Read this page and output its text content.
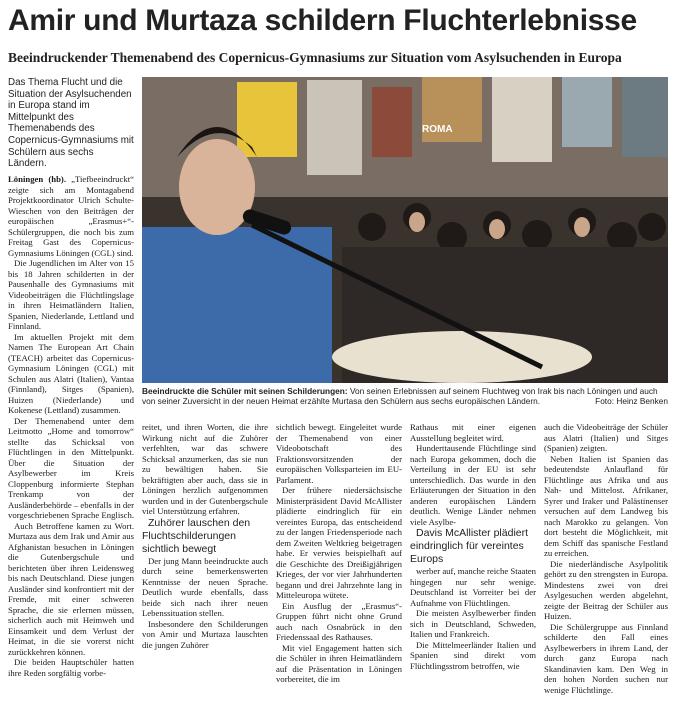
Amir und Murtaza schildern Fluchterlebnisse
Beeindruckender Themenabend des Copernicus-Gymnasiums zur Situation vom Asylsuchenden in Europa

Das Thema Flucht und die Situation der Asylsuchenden in Europa stand im Mittelpunkt des Themenabends des Copernicus-Gymnasiums mit Schülern aus sechs Ländern.

ROMA

Beeindruckte die Schüler mit seinen Schilderungen: Von seinen Erlebnissen auf seinem Fluchtweg von Irak bis nach Löningen und auch von seiner Zuversicht in der neuen Heimat erzählte Murtasa den Schülern aus sechs europäischen Ländern.	Foto: Heinz Benken

Löningen (hb). „Tiefbeeindruckt“ zeigte sich am Montagabend Projektkoordinator Ulrich Schulte-Wieschen von den Beiträgen der europäischen „Erasmus+“-Schülergruppen, die noch bis zum Freitag Gast des Copernicus-Gymnasiums Löningen (CGL) sind.

Die Jugendlichen im Alter von 15 bis 18 Jahren schilderten in der Pausenhalle des Gymnasiums mit Videobeiträgen die Flüchtlingslage in ihren Heimatländern Italien, Spanien, Niederlande, Lettland und Finnland.

Im aktuellen Projekt mit dem Namen The European Art Chain (TEACH) arbeitet das Copernicus-Gymnasium Löningen (CGL) mit Schulen aus Alatri (Italien), Vantaa (Finnland), Sitges (Spanien), Huizen (Niederlande) und Kokenese (Lettland) zusammen.

Der Themenabend unter dem Leitmotto „Home and tomorrow“ stellte das Schicksal von Flüchtlingen in den Mittelpunkt. Über die Situation der Asylbewerber im Kreis Cloppenburg informierte Stephan Trenkamp von der Ausländerbehörde – ebenfalls in der vorgeschriebenen Sprache Englisch.

Auch Betroffene kamen zu Wort. Murtaza aus dem Irak und Amir aus Afghanistan besuchen in Löningen die Gutenbergschule und berichteten über ihren Leidensweg bis nach Deutschland. Diese jungen Ausländer sind konfrontiert mit der Fremde, mit einer schweren Sprache, die sie erlernen müssen, sicherlich auch mit Heimweh und Einsamkeit und dem Verlust der Heimat, in die sie vorerst nicht zurückkehren können.

Die beiden Hauptschüler hatten ihre Reden sorgfältig vorbe-

reitet, und ihren Worten, die ihre Wirkung nicht auf die Zuhörer verfehlten, war das schwere Schicksal anzumerken, das sie nun zu bewältigen haben. Sie bekräftigten aber auch, dass sie in Löningen herzlich aufgenommen wurden und in der Gutenbergschule viel Unterstützung erfahren.

Zuhörer lauschen den Fluchtschilderungen sichtlich bewegt

Der jung Mann beeindruckte auch durch seine bemerkenswerten Kenntnisse der neuen Sprache. Deutlich wurde ebenfalls, dass beide sich nach ihrer neuen Lebenssituation stellen.

Insbesondere den Schilderungen von Amir und Murtaza lauschten die jungen Zuhörer

sichtlich bewegt. Eingeleitet wurde der Themenabend von einer Videobotschaft des Fraktionsvorsitzenden der europäischen Volksparteien im EU-Parlament.

Der frühere niedersächsische Ministerpräsident David McAllister plädierte eindringlich für ein vereintes Europa, das entscheidend zu der langen Friedensperiode nach dem Zweiten Weltkrieg beigetragen habe. Er verwies beispielhaft auf die Geschichte des Dreißigjährigen Krieges, der vor vier Jahrhunderten begann und drei Jahrzehnte lang in Mitteleuropa wütete.

Ein Ausflug der „Erasmus“-Gruppen führt nicht ohne Grund auch nach Osnabrück in den Friedenssaal des Rathauses.

Mit viel Engagement hatten sich die Schüler in ihren Heimatländern auf die Präsentation in Löningen vorbereitet, die im

Rathaus mit einer eigenen Ausstellung begleitet wird.

Hunderttausende Flüchtlinge sind nach Europa gekommen, doch die Verteilung in der EU ist sehr unterschiedlich. Das wurde in den Erläuterungen der Situation in den anderen europäischen Ländern deutlich. Wenige Länder nehmen viele Asylbe-

Davis McAllister plädiert eindringlich für vereintes Europs

werber auf, manche reiche Staaten hingegen nur sehr wenige. Deutschland ist Vorreiter bei der Aufnahme von Flüchtlingen.

Die meisten Asylbewerber finden sich in Deutschland, Schweden, Italien und Frankreich.

Die Mittelmeerländer Italien und Spanien sind direkt vom Flüchtlingsstrom betroffen, wie

auch die Videobeiträge der Schüler aus Alatri (Italien) und Sitges (Spanien) zeigten.

Neben Italien ist Spanien das bedeutendste Anlaufland für Flüchtlinge aus Afrika und aus Nah- und Mittelost. Afrikaner, Syrer und Iraker und Palästinenser versuchen auf dem Landweg bis nach Marokko zu gelangen. Von dort besteht die Möglichkeit, mit dem Schiff das spanische Festland zu erreichen.

Die niederländische Asylpolitik gehört zu den strengsten in Europa. Mindestens zwei von drei Asylgesuchen werden abgelehnt, zeigte der Beitrag der Schüler aus Huizen.

Die Schülergruppe aus Finnland schilderte den Fall eines Asylbewerbers in ihrem Land, der durch ganz Europa nach Skandinavien kam. Den Weg in den hohen Norden suchen nur wenige Flüchtlinge.
